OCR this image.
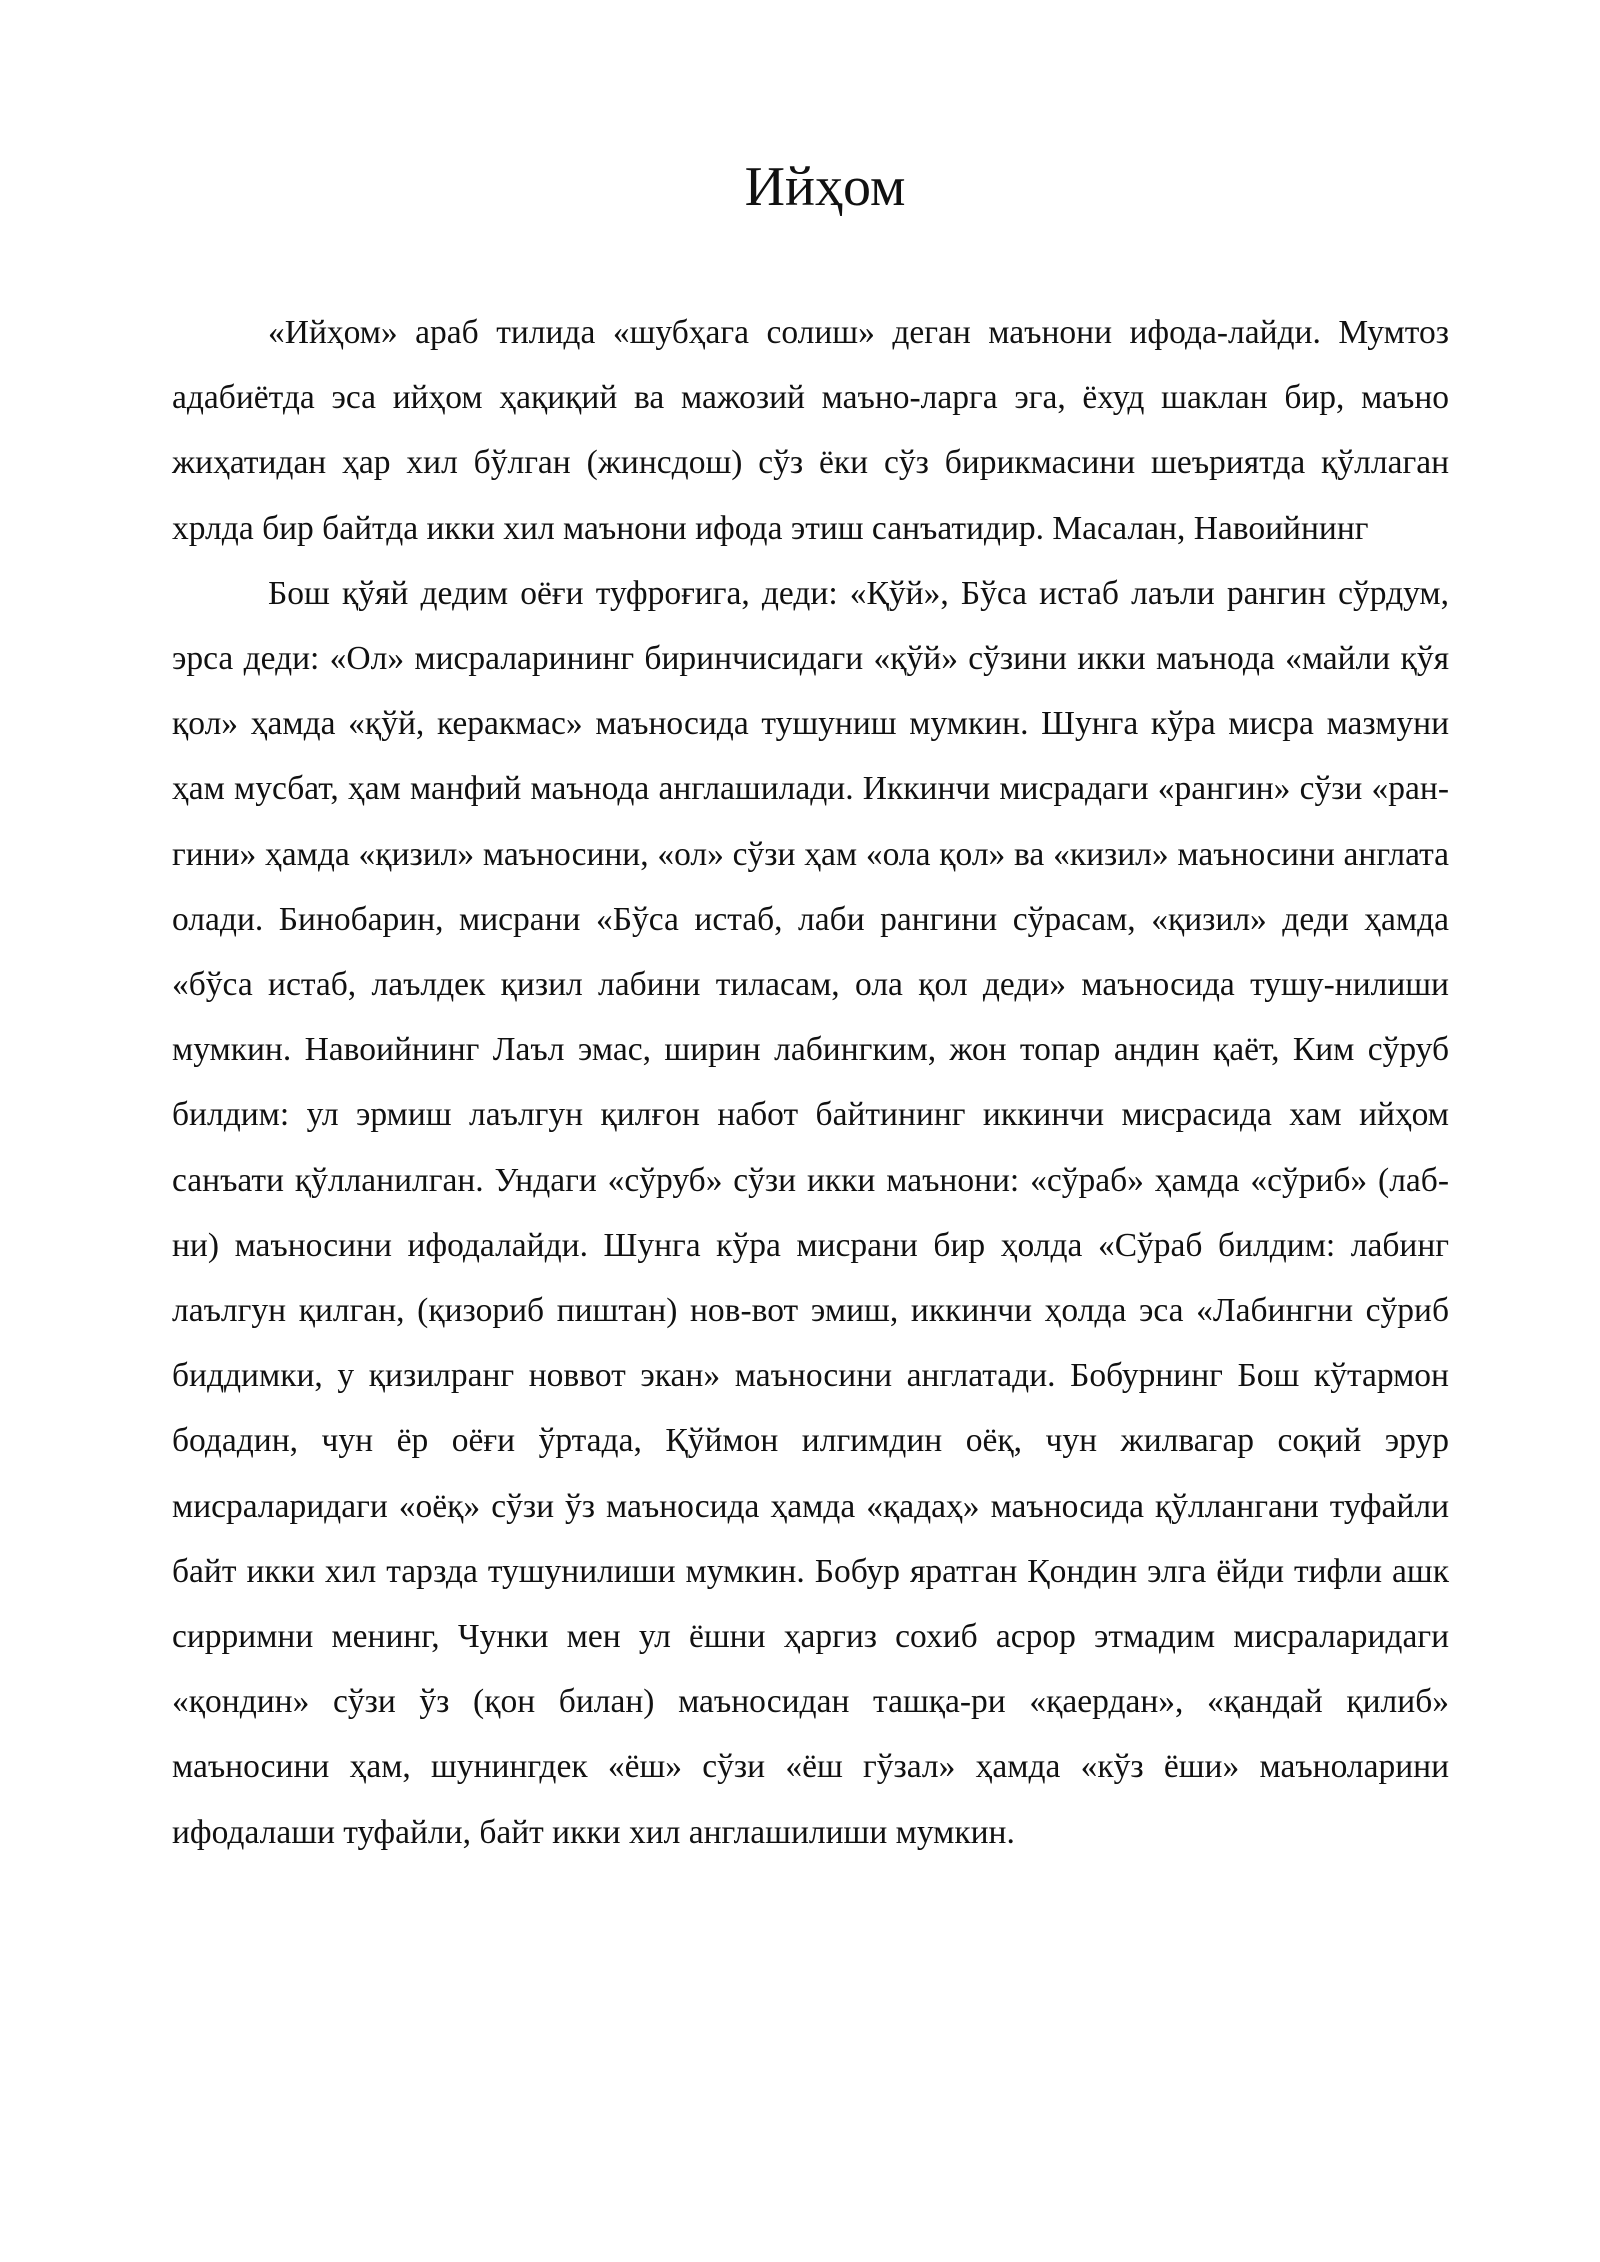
Ийҳом

«Ийҳом» араб тилида «шубҳага солиш» деган маънони ифода-лайди. Мумтоз адабиётда эса ийҳом ҳақиқий ва мажозий маъно-ларга эга, ёхуд шаклан бир, маъно жиҳатидан ҳар хил бўлган (жинсдош) сўз ёки сўз бирикмасини шеъриятда қўллаган хрлда бир байтда икки хил маънони ифода этиш санъатидир. Масалан, Навоийнинг

Бош қўяй дедим оёғи туфроғига, деди: «Қўй», Бўса истаб лаъли рангин сўрдум, эрса деди: «Ол» мисраларининг биринчисидаги «қўй» сўзини икки маънода «майли қўя қол» ҳамда «қўй, керакмас» маъносида тушуниш мумкин. Шунга кўра мисра мазмуни ҳам мусбат, ҳам манфий маънода англашилади. Иккинчи мисрадаги «рангин» сўзи «ран-гини» ҳамда «қизил» маъносини, «ол» сўзи ҳам «ола қол» ва «кизил» маъносини англата олади. Бинобарин, мисрани «Бўса истаб, лаби рангини сўрасам, «қизил» деди ҳамда «бўса истаб, лаълдек қизил лабини тиласам, ола қол деди» маъносида тушу-нилиши мумкин. Навоийнинг Лаъл эмас, ширин лабингким, жон топар андин қаёт, Ким сўруб билдим: ул эрмиш лаългун қилғон набот байтининг иккинчи мисрасида хам ийҳом санъати қўлланилган. Ундаги «сўруб» сўзи икки маънони: «сўраб» ҳамда «сўриб» (лаб-ни) маъносини ифодалайди. Шунга кўра мисрани бир ҳолда «Сўраб билдим: лабинг лаългун қилган, (қизориб пиштан) нов-вот эмиш, иккинчи ҳолда эса «Лабингни сўриб биддимки, у қизилранг новвот экан» маъносини англатади. Бобурнинг Бош кўтармон бодадин, чун ёр оёғи ўртада, Қўймон илгимдин оёқ, чун жилвагар соқий эрур мисраларидаги «оёқ» сўзи ўз маъносида ҳамда «қадаҳ» маъносида қўллангани туфайли байт икки хил тарзда тушунилиши мумкин. Бобур яратган Қондин элга ёйди тифли ашк сирримни менинг, Чунки мен ул ёшни ҳаргиз сохиб асрор этмадим мисраларидаги «қондин» сўзи ўз (қон билан) маъносидан ташқа-ри «қаердан», «қандай қилиб» маъносини ҳам, шунингдек «ёш» сўзи «ёш гўзал» ҳамда «кўз ёши» маъноларини ифодалаши туфайли, байт икки хил англашилиши мумкин.
